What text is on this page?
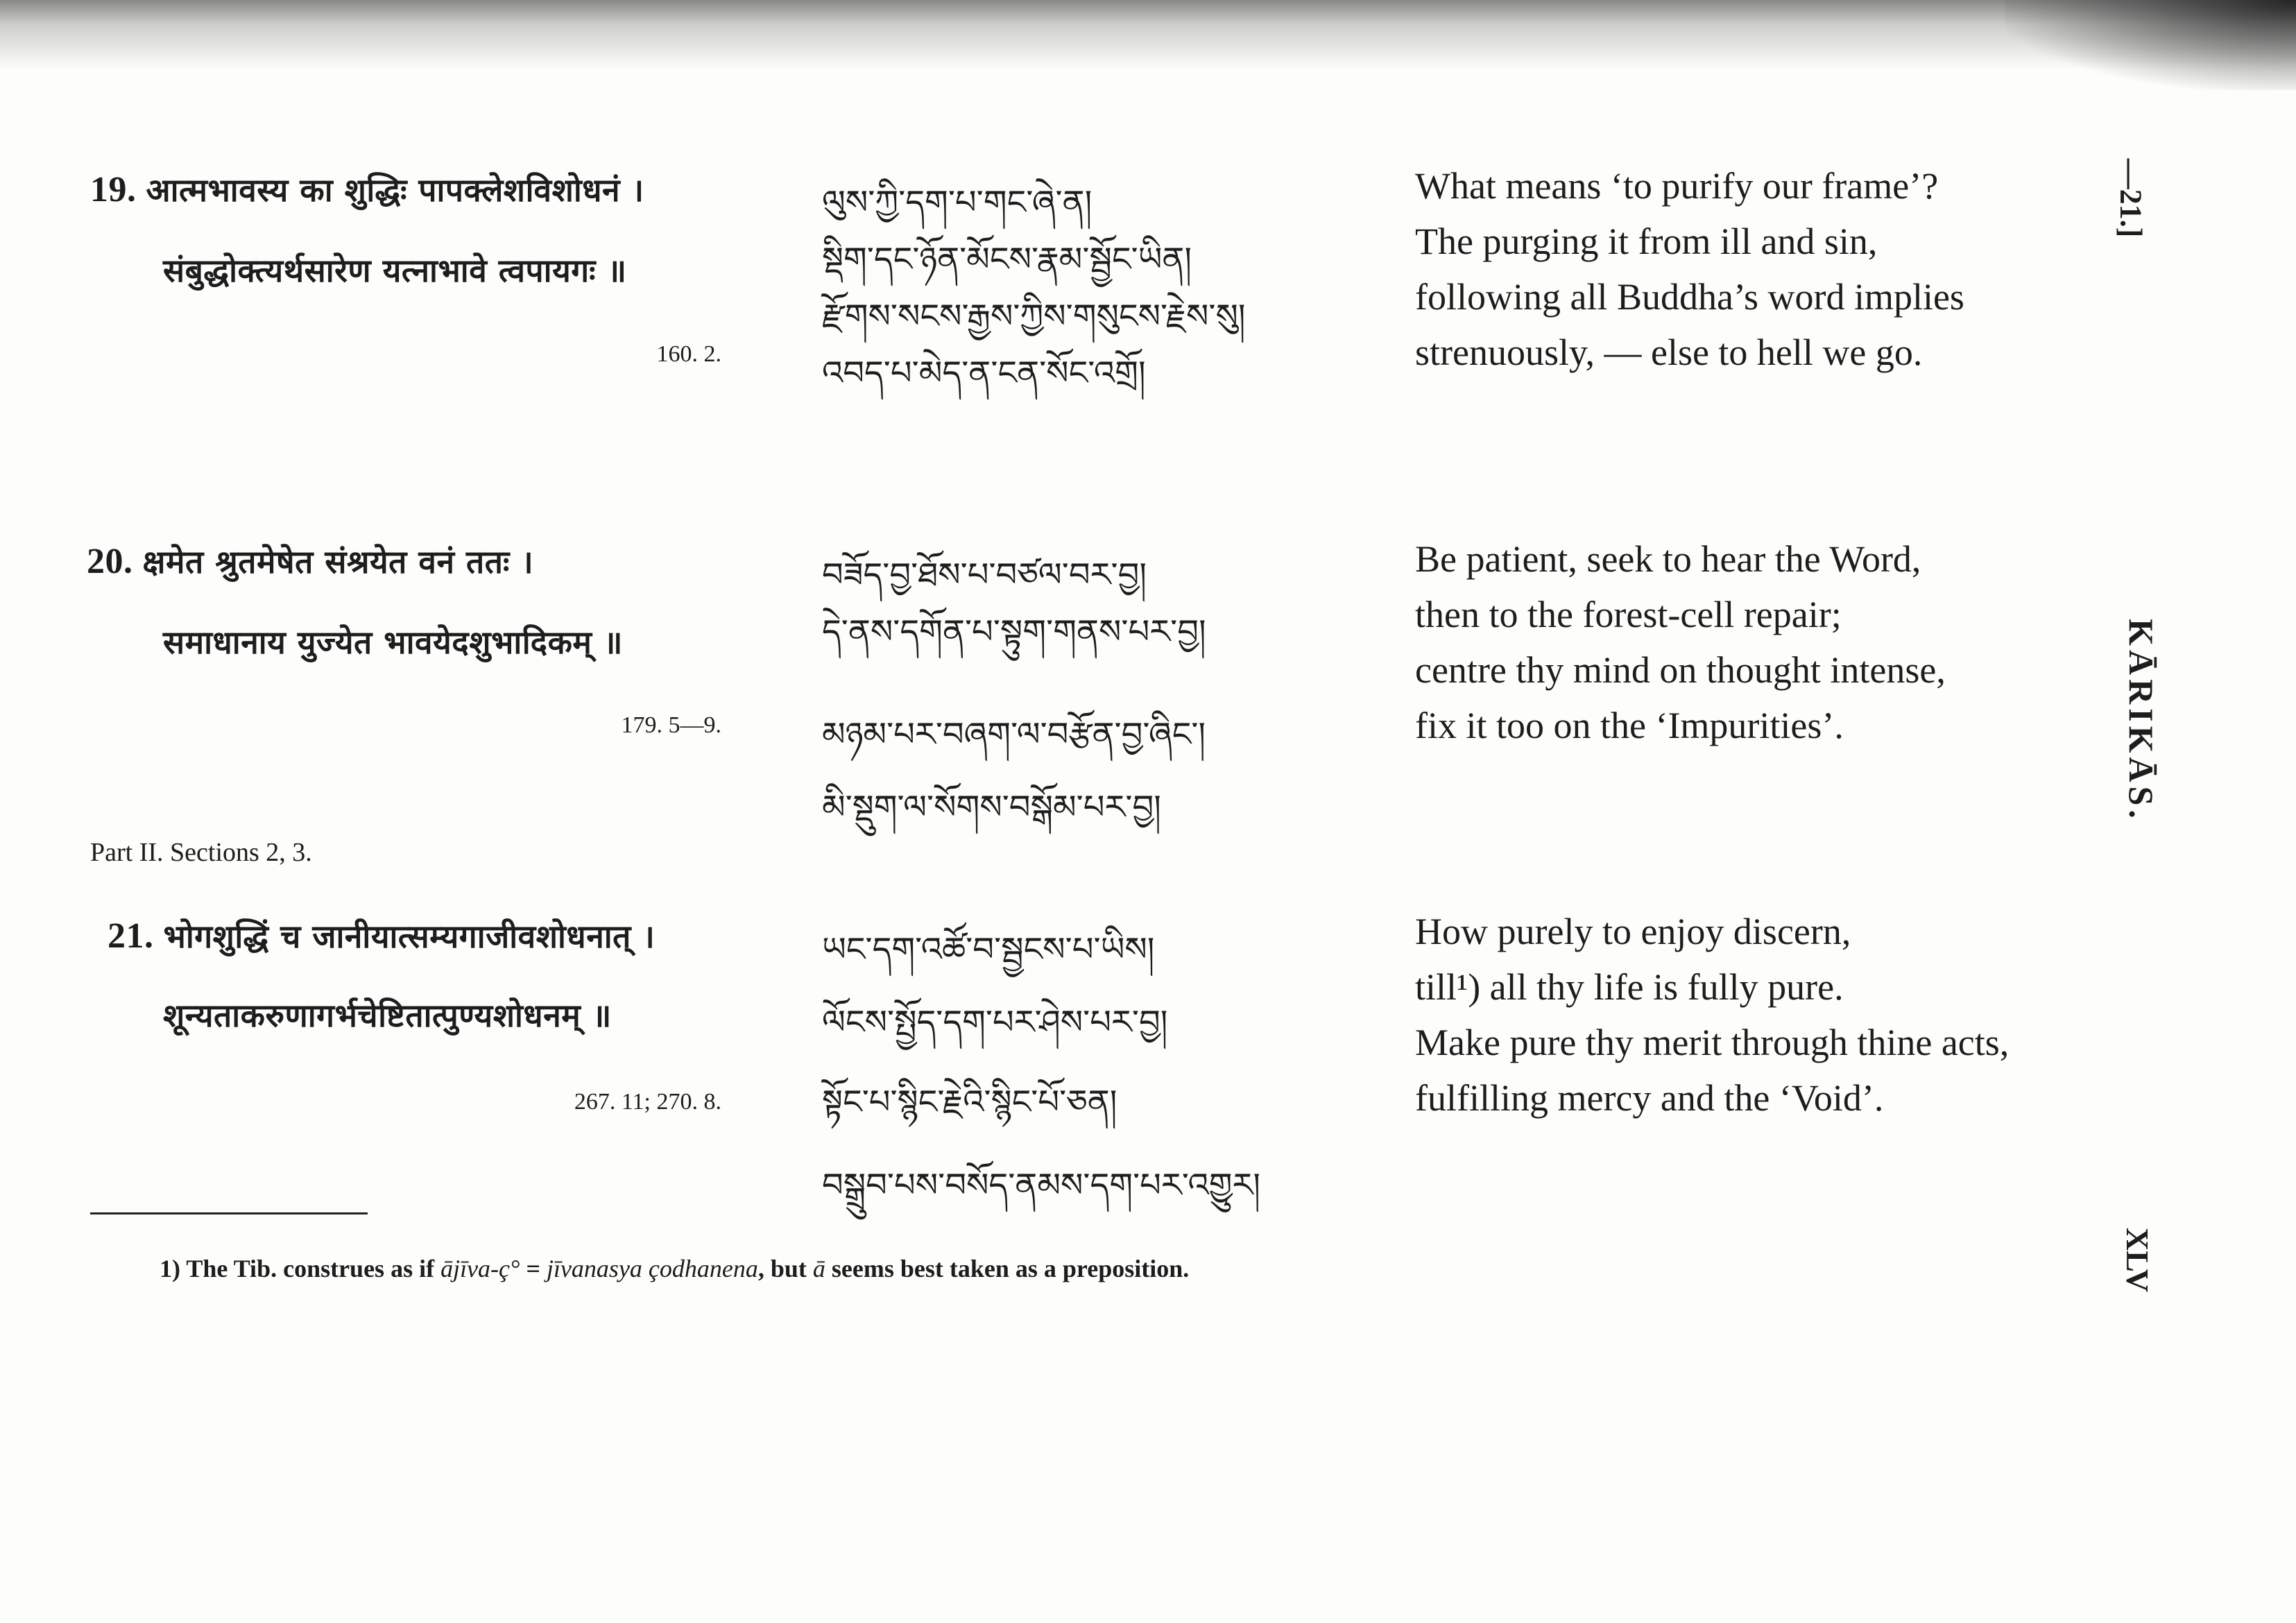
19. आत्मभावस्य का शुद्धिः पापक्लेशविशोधनं ।
संबुद्धोक्त्यर्थसारेण यत्नाभावे त्वपायगः ॥
160. 2.
ལུས་ཀྱི་དག་པ་གང་ཞེ་ན།
སྡིག་དང་ཉོན་མོངས་རྣམ་སྦྱོང་ཡིན།
རྫོགས་སངས་རྒྱས་ཀྱིས་གསུངས་རྗེས་སུ།
འབད་པ་མེད་ན་ངན་སོང་འགྲོ།
What means ‘to purify our frame’?
The purging it from ill and sin,
following all Buddha’s word implies
strenuously, — else to hell we go.
20. क्षमेत श्रुतमेषेत संश्रयेत वनं ततः ।
समाधानाय युज्येत भावयेदशुभादिकम् ॥
179. 5—9.
བཟོད་བྱ་ཐོས་པ་བཙལ་བར་བྱ།
དེ་ནས་དགོན་པ་སྟུག་གནས་པར་བྱ།
མཉམ་པར་བཞག་ལ་བརྩོན་བྱ་ཞིང་།
མི་སྡུག་ལ་སོགས་བསྒོམ་པར་བྱ།
Be patient, seek to hear the Word,
then to the forest-cell repair;
centre thy mind on thought intense,
fix it too on the ‘Impurities’.
Part II. Sections 2, 3.
21. भोगशुद्धिं च जानीयात्सम्यगाजीवशोधनात् ।
शून्यताकरुणागर्भचेष्टितात्पुण्यशोधनम् ॥
267. 11; 270. 8.
ཡང་དག་འཚོ་བ་སྦྱངས་པ་ཡིས།
ལོངས་སྤྱོད་དག་པར་ཤེས་པར་བྱ།
སྟོང་པ་སྙིང་རྗེའི་སྙིང་པོ་ཅན།
བསྒྲུབ་པས་བསོད་ནམས་དག་པར་འགྱུར།
How purely to enjoy discern,
till¹) all thy life is fully pure.
Make pure thy merit through thine acts,
fulfilling mercy and the ‘Void’.
1) The Tib. construes as if ājīva-ç° = jīvanasya çodhanena, but ā seems best taken as a preposition.
—21.]
KĀRIKĀS.
XLV
